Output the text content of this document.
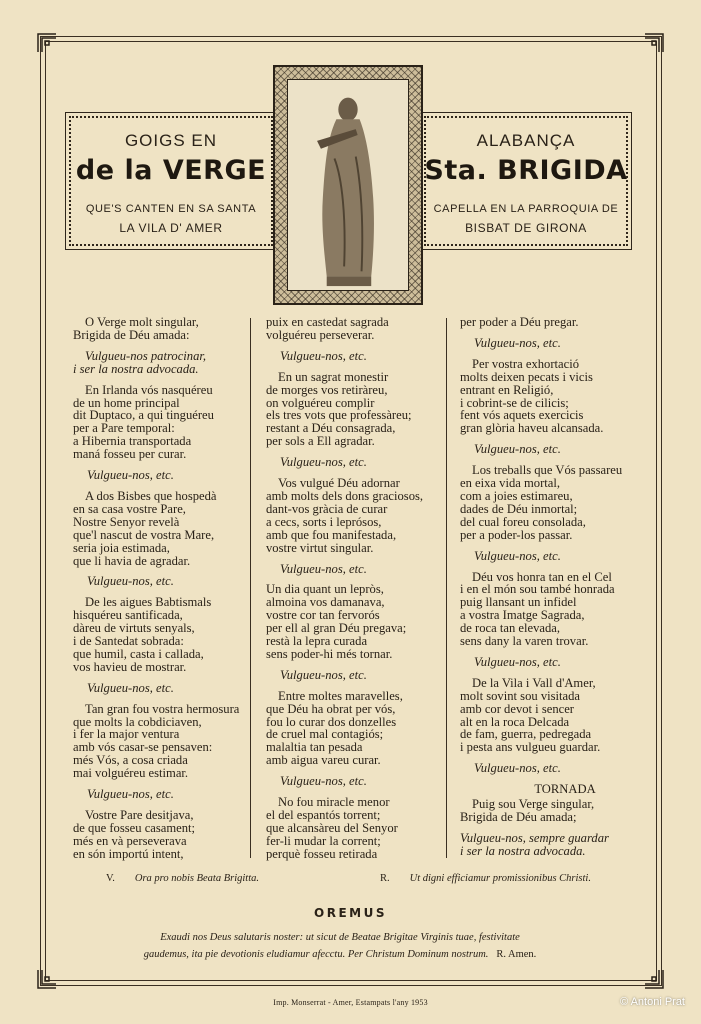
GOIGS EN
de la VERGE
QUE'S CANTEN EN SA SANTA
LA VILA D' AMER
ALABANÇA
Sta. BRIGIDA
CAPELLA EN LA PARROQUIA DE
BISBAT DE GIRONA
O Verge molt singular,
Brigida de Déu amada:
Vulgueu-nos patrocinar,
i ser la nostra advocada.
En Irlanda vós nasquéreu
de un home principal
dit Duptaco, a qui tinguéreu
per a Pare temporal:
a Hibernia transportada
maná fosseu per curar.
Vulgueu-nos, etc.
A dos Bisbes que hospedà
en sa casa vostre Pare,
Nostre Senyor revelà
que'l nascut de vostra Mare,
seria joia estimada,
que li havia de agradar.
Vulgueu-nos, etc.
De les aigues Babtismals
hisquéreu santificada,
dàreu de virtuts senyals,
i de Santedat sobrada:
que humil, casta i callada,
vos havieu de mostrar.
Vulgueu-nos, etc.
Tan gran fou vostra hermosura
que molts la cobdiciaven,
i fer la major ventura
amb vós casar-se pensaven:
més Vós, a cosa criada
mai volguéreu estimar.
Vulgueu-nos, etc.
Vostre Pare desitjava,
de que fosseu casament;
més en và perseverava
en són importú intent,
puix en castedat sagrada
volguéreu perseverar.
Vulgueu-nos, etc.
En un sagrat monestir
de morges vos retiràreu,
on volguéreu complir
els tres vots que professàreu;
restant a Déu consagrada,
per sols a Ell agradar.
Vulgueu-nos, etc.
Vos vulgué Déu adornar
amb molts dels dons graciosos,
dant-vos gràcia de curar
a cecs, sorts i leprósos,
amb que fou manifestada,
vostre virtut singular.
Vulgueu-nos, etc.
Un dia quant un lepròs,
almoina vos damanava,
vostre cor tan fervorós
per ell al gran Déu pregava;
restà la lepra curada
sens poder-hi més tornar.
Vulgueu-nos, etc.
Entre moltes maravelles,
que Déu ha obrat per vós,
fou lo curar dos donzelles
de cruel mal contagiós;
malaltia tan pesada
amb aigua vareu curar.
Vulgueu-nos, etc.
No fou miracle menor
el del espantós torrent;
que alcansàreu del Senyor
fer-li mudar la corrent;
perquè fosseu retirada
per poder a Déu pregar.
Vulgueu-nos, etc.
Per vostra exhortació
molts deixen pecats i vicis
entrant en Religió,
i cobrint-se de cilicis;
fent vós aquets exercicis
gran glòria haveu alcansada.
Vulgueu-nos, etc.
Los treballs que Vós passareu
en eixa vida mortal,
com a joies estimareu,
dades de Déu inmortal;
del cual foreu consolada,
per a poder-los passar.
Vulgueu-nos, etc.
Déu vos honra tan en el Cel
i en el món sou també honrada
puig llansant un infidel
a vostra Imatge Sagrada,
de roca tan elevada,
sens dany la varen trovar.
Vulgueu-nos, etc.
De la Vila i Vall d'Amer,
molt sovint sou visitada
amb cor devot i sencer
alt en la roca Delcada
de fam, guerra, pedregada
i pesta ans vulgueu guardar.
Vulgueu-nos, etc.
TORNADA
Puig sou Verge singular,
Brigida de Déu amada;
Vulgueu-nos, sempre guardar
i ser la nostra advocada.
V. Ora pro nobis Beata Brigitta.	R. Ut digni efficiamur promissionibus Christi.
OREMUS
Exaudi nos Deus salutaris noster: ut sicut de Beatae Brigitae Virginis tuae, festivitate
gaudemus, ita pie devotionis eludiamur afecctu. Per Christum Dominum nostrum. R. Amen.
Imp. Monserrat - Amer, Estampats l'any 1953	© Antoni Prat
